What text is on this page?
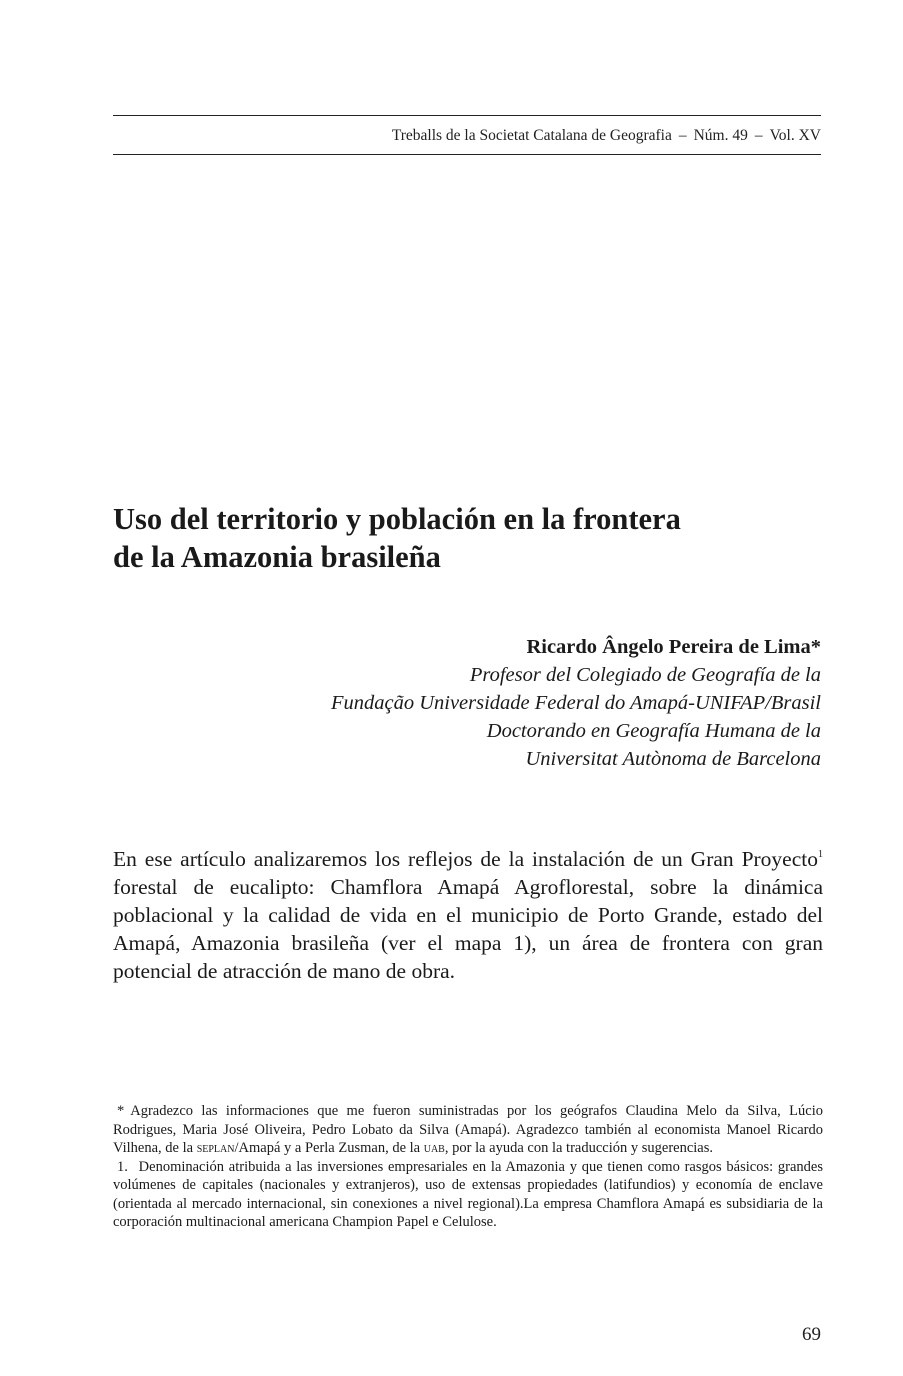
Treballs de la Societat Catalana de Geografia – Núm. 49 – Vol. XV
Uso del territorio y población en la frontera
de la Amazonia brasileña
Ricardo Ângelo Pereira de Lima*
Profesor del Colegiado de Geografía de la
Fundação Universidade Federal do Amapá-UNIFAP/Brasil
Doctorando en Geografía Humana de la
Universitat Autònoma de Barcelona

En ese artículo analizaremos los reflejos de la instalación de un Gran Proyecto$^1$ forestal de eucalipto: Chamflora Amapá Agroflorestal, sobre la dinámica poblacional y la calidad de vida en el municipio de Porto Grande, estado del Amapá, Amazonia brasileña (ver el mapa 1), un área de frontera con gran potencial de atracción de mano de obra.

* Agradezco las informaciones que me fueron suministradas por los geógrafos Claudina Melo da Silva, Lúcio Rodrigues, Maria José Oliveira, Pedro Lobato da Silva (Amapá). Agradezco también al economista Manoel Ricardo Vilhena, de la seplan/Amapá y a Perla Zusman, de la uab, por la ayuda con la traducción y sugerencias.

1. Denominación atribuida a las inversiones empresariales en la Amazonia y que tienen como rasgos básicos: grandes volúmenes de capitales (nacionales y extranjeros), uso de extensas propiedades (latifundios) y economía de enclave (orientada al mercado internacional, sin conexiones a nivel regional).La empresa Chamflora Amapá es subsidiaria de la corporación multinacional americana Champion Papel e Celulose.

69
